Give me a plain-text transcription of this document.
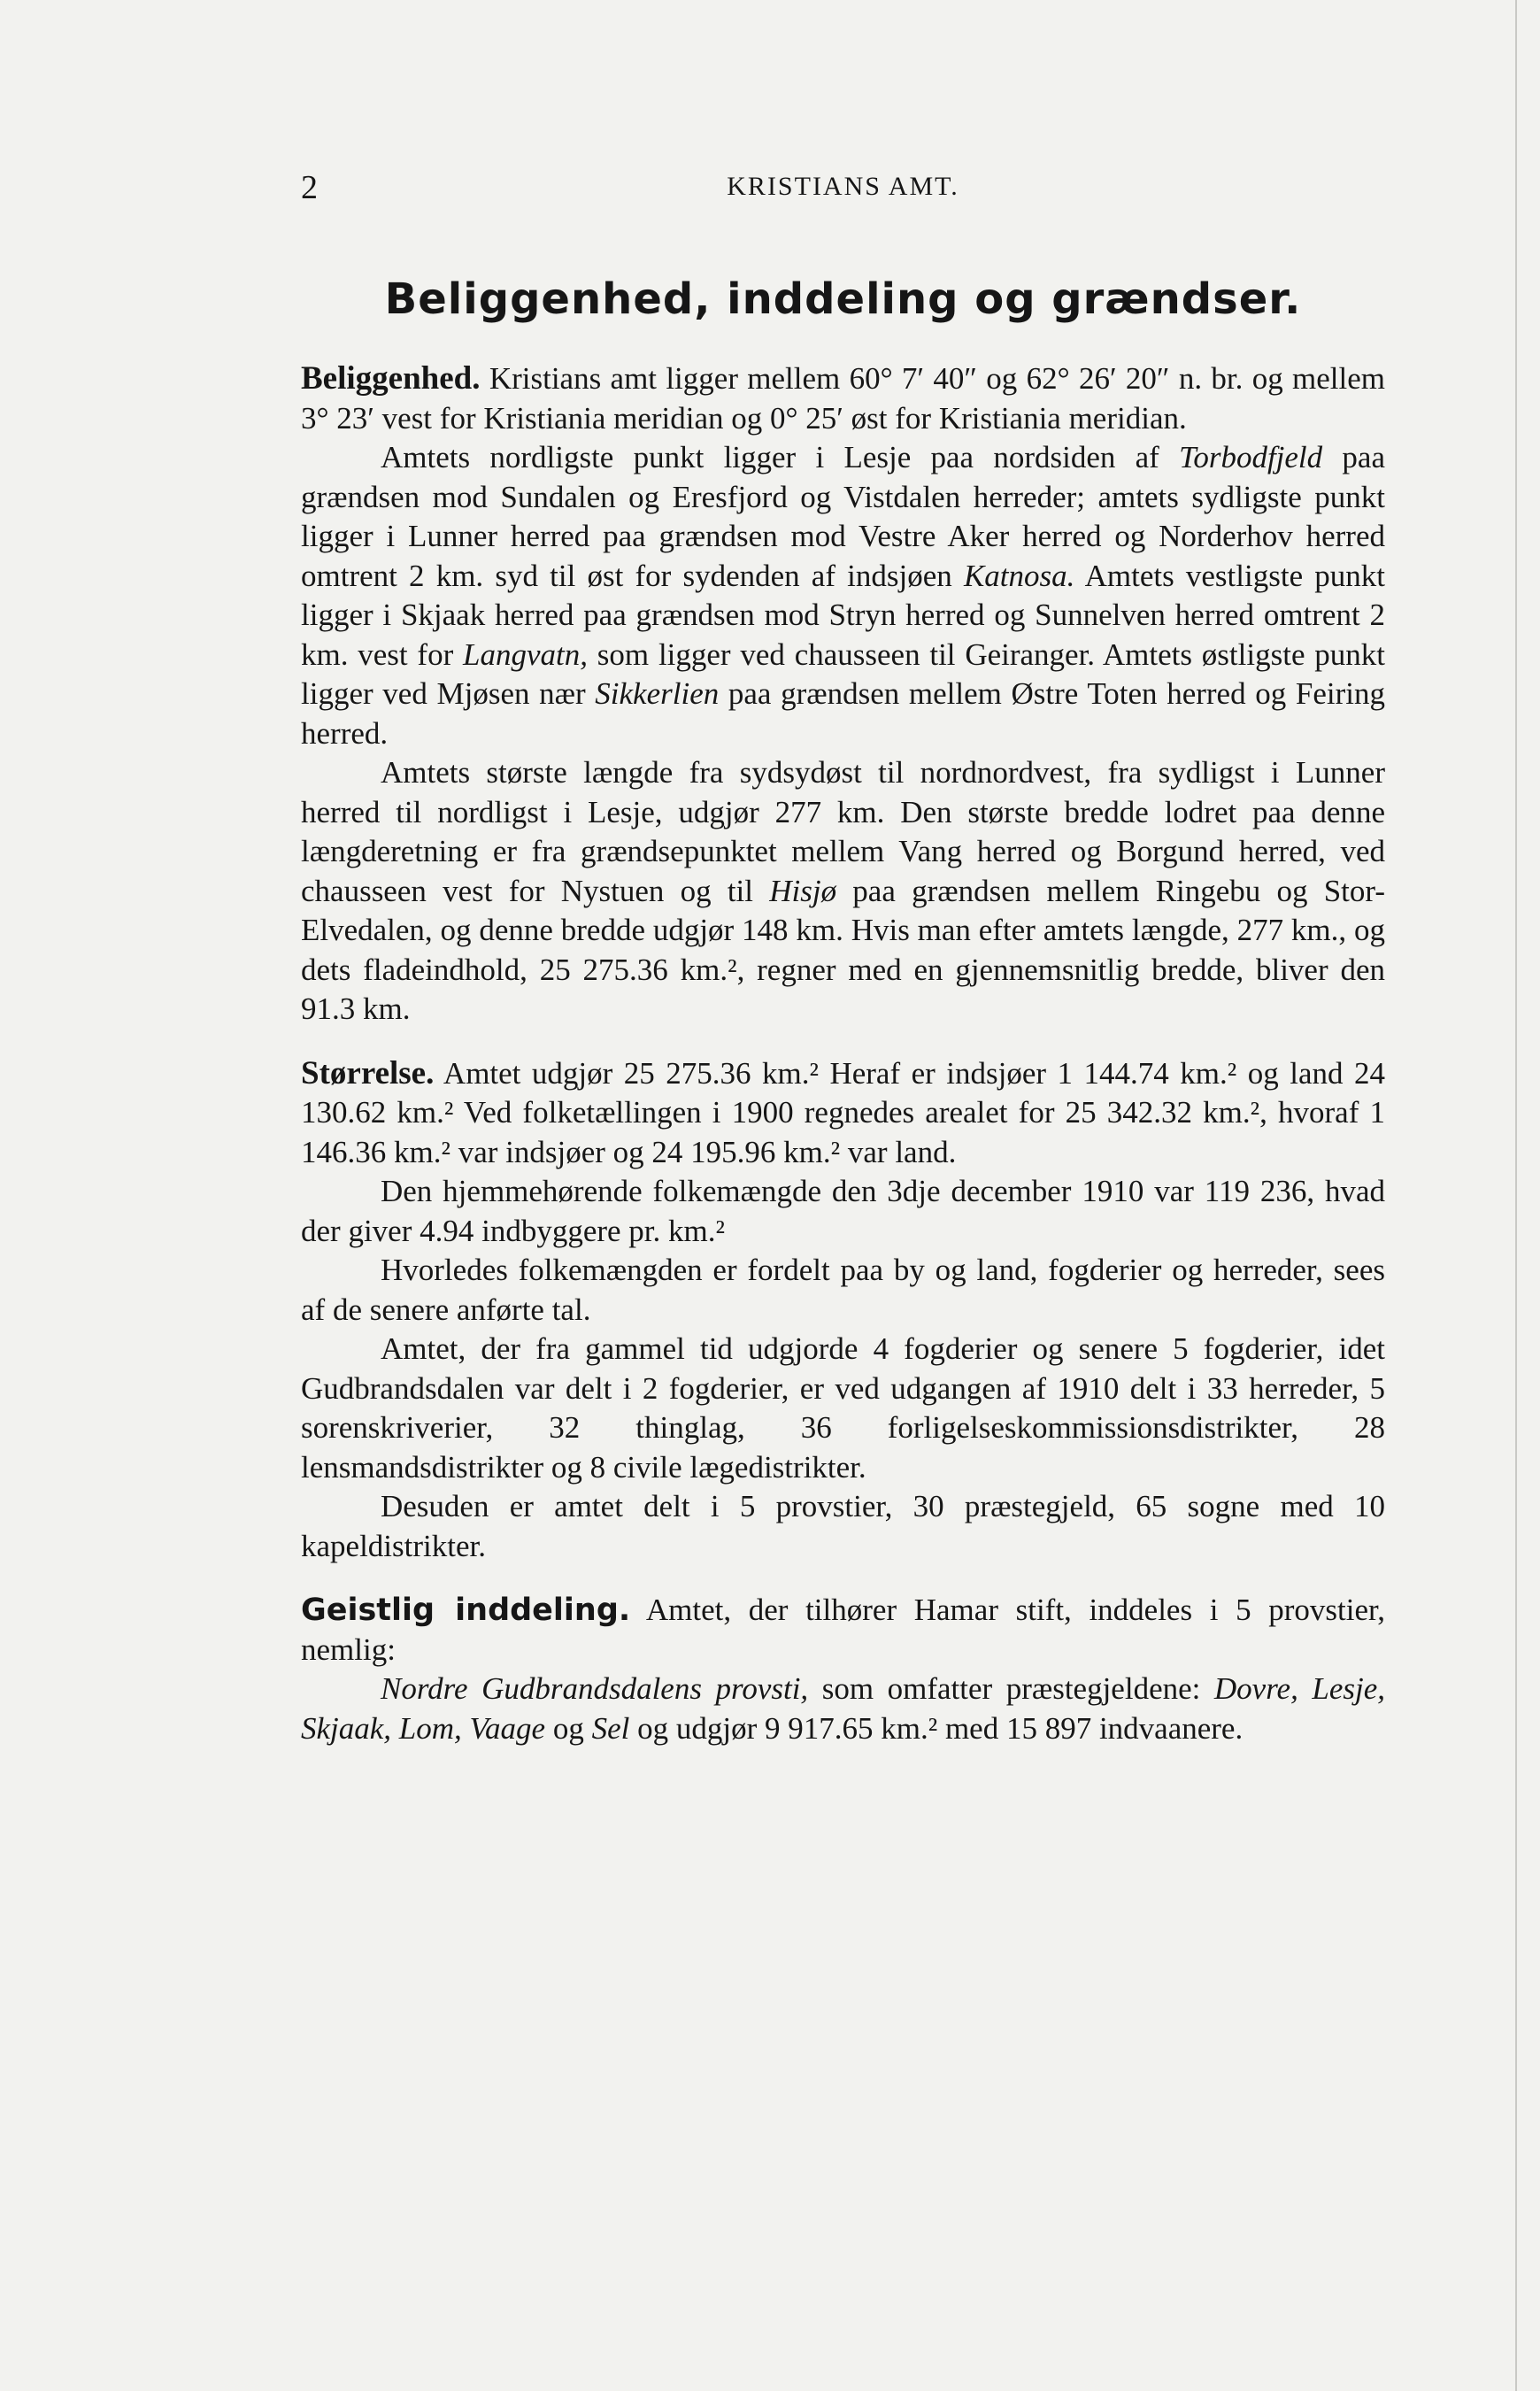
2	KRISTIANS AMT.
Beliggenhed, inddeling og grændser.

Beliggenhed. Kristians amt ligger mellem 60° 7′ 40″ og 62° 26′ 20″ n. br. og mellem 3° 23′ vest for Kristiania meridian og 0° 25′ øst for Kristiania meridian.

Amtets nordligste punkt ligger i Lesje paa nordsiden af Torbodfjeld paa grændsen mod Sundalen og Eresfjord og Vistdalen herreder; amtets sydligste punkt ligger i Lunner herred paa grændsen mod Vestre Aker herred og Norderhov herred omtrent 2 km. syd til øst for sydenden af indsjøen Katnosa. Amtets vestligste punkt ligger i Skjaak herred paa grændsen mod Stryn herred og Sunnelven herred omtrent 2 km. vest for Langvatn, som ligger ved chausseen til Geiranger. Amtets østligste punkt ligger ved Mjøsen nær Sikkerlien paa grændsen mellem Østre Toten herred og Feiring herred.

Amtets største længde fra sydsydøst til nordnordvest, fra sydligst i Lunner herred til nordligst i Lesje, udgjør 277 km. Den største bredde lodret paa denne længderetning er fra grændsepunktet mellem Vang herred og Borgund herred, ved chausseen vest for Nystuen og til Hisjø paa grændsen mellem Ringebu og Stor-Elvedalen, og denne bredde udgjør 148 km. Hvis man efter amtets længde, 277 km., og dets fladeindhold, 25 275.36 km.², regner med en gjennemsnitlig bredde, bliver den 91.3 km.

Størrelse. Amtet udgjør 25 275.36 km.² Heraf er indsjøer 1 144.74 km.² og land 24 130.62 km.² Ved folketællingen i 1900 regnedes arealet for 25 342.32 km.², hvoraf 1 146.36 km.² var indsjøer og 24 195.96 km.² var land.

Den hjemmehørende folkemængde den 3dje december 1910 var 119 236, hvad der giver 4.94 indbyggere pr. km.²

Hvorledes folkemængden er fordelt paa by og land, fogderier og herreder, sees af de senere anførte tal.

Amtet, der fra gammel tid udgjorde 4 fogderier og senere 5 fogderier, idet Gudbrandsdalen var delt i 2 fogderier, er ved udgangen af 1910 delt i 33 herreder, 5 sorenskriverier, 32 thinglag, 36 forligelseskommissionsdistrikter, 28 lensmandsdistrikter og 8 civile lægedistrikter.

Desuden er amtet delt i 5 provstier, 30 præstegjeld, 65 sogne med 10 kapeldistrikter.

Geistlig inddeling. Amtet, der tilhører Hamar stift, inddeles i 5 provstier, nemlig:

Nordre Gudbrandsdalens provsti, som omfatter præstegjeldene: Dovre, Lesje, Skjaak, Lom, Vaage og Sel og udgjør 9 917.65 km.² med 15 897 indvaanere.
